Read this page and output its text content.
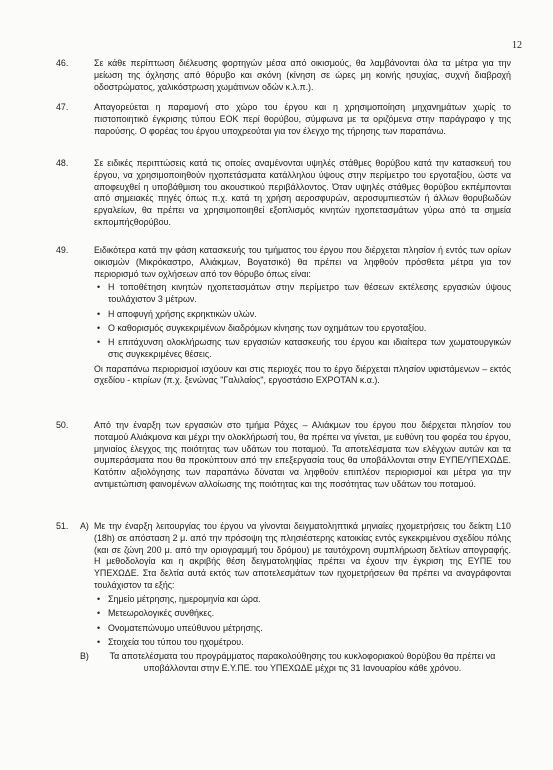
12
46.	Σε κάθε περίπτωση διέλευσης φορτηγών μέσα από οικισμούς, θα λαμβάνονται όλα τα μέτρα για την μείωση της όχλησης από θόρυβο και σκόνη (κίνηση σε ώρες μη κοινής ησυχίας, συχνή διαβροχή οδοστρώματος, χαλικόστρωση χωμάτινων οδών κ.λ.π.).

47.	Απαγορεύεται η παραμονή στο χώρο του έργου και η χρησιμοποίηση μηχανημάτων χωρίς το πιστοποιητικό έγκρισης τύπου ΕΟΚ περί θορύβου, σύμφωνα με τα οριζόμενα στην παράγραφο γ της παρούσης. Ο φορέας του έργου υποχρεούται για τον έλεγχο της τήρησης των παραπάνω.

48.	Σε ειδικές περιπτώσεις κατά τις οποίες αναμένονται υψηλές στάθμες θορύβου κατά την κατασκευή του έργου, να χρησιμοποιηθούν ηχοπετάσματα κατάλληλου ύψους στην περίμετρο του εργοταξίου, ώστε να αποφευχθεί η υποβάθμιση του ακουστικού περιβάλλοντος. Όταν υψηλές στάθμες θορύβου εκπέμπονται από σημειακές πηγές όπως π.χ. κατά τη χρήση αεροσφυρών, αεροσυμπιεστών ή άλλων θορυβωδών εργαλείων, θα πρέπει να χρησιμοποιηθεί εξοπλισμός κινητών ηχοπετασμάτων γύρω από τα σημεία εκπομπήςθορύβου.

49.	Ειδικότερα κατά την φάση κατασκευής του τμήματος του έργου που διέρχεται πλησίον ή εντός των ορίων οικισμών (Μικρόκαστρο, Αλιάκμων, Βογατσικό) θα πρέπει να ληφθούν πρόσθετα μέτρα για τον περιορισμό των οχλήσεων από τον θόρυβο όπως είναι:

• Η τοποθέτηση κινητών ηχοπετασμάτων στην περίμετρο των θέσεων εκτέλεσης εργασιών ύψους τουλάχιστον 3 μέτρων.
• Η αποφυγή χρήσης εκρηκτικών υλών.
• Ο καθορισμός συγκεκριμένων διαδρόμων κίνησης των οχημάτων του εργοταξίου.
• Η επιτάχυνση ολοκλήρωσης των εργασιών κατασκευής του έργου και ιδιαίτερα των χωματουργικών στις συγκεκριμένες θέσεις.

Οι παραπάνω περιορισμοί ισχύουν και στις περιοχές που το έργο διέρχεται πλησίον υφιστάμενων – εκτός σχεδίου - κτιρίων (π.χ. ξενώνας "Γαλιλαίος", εργοστάσιο ΕΧΡΟΤΑΝ κ.α.).

50.	Από την έναρξη των εργασιών στο τμήμα Ράχες – Αλιάκμων του έργου που διέρχεται πλησίον του ποταμού Αλιάκμονα και μέχρι την ολοκλήρωσή του, θα πρέπει να γίνεται, με ευθύνη του φορέα του έργου, μηνιαίος έλεγχος της ποιότητας των υδάτων του ποταμού. Τα αποτελέσματα των ελέγχων αυτών και τα συμπεράσματα που θα προκύπτουν από την επεξεργασία τους θα υποβάλλονται στην ΕΥΠΕ/ΥΠΕΧΩΔΕ. Κατόπιν αξιολόγησης των παραπάνω δύναται να ληφθούν επιπλέον περιορισμοί και μέτρα για την αντιμετώπιση φαινομένων αλλοίωσης της ποιότητας και της ποσότητας των υδάτων του ποταμού.

51. Α) Με την έναρξη λειτουργίας του έργου να γίνονται δειγματοληπτικά μηνιαίες ηχομετρήσεις του δείκτη L10 (18h) σε απόσταση 2 μ. από την πρόσοψη της πλησιέστερης κατοικίας εντός εγκεκριμένου σχεδίου πόλης (και σε ζώνη 200 μ. από την οριογραμμή του δρόμου) με ταυτόχρονη συμπλήρωση δελτίων απογραφής. Η μεθοδολογία και η ακριβής θέση δειγματοληψίας πρέπει να έχουν την έγκριση της ΕΥΠΕ του ΥΠΕΧΩΔΕ. Στα δελτία αυτά εκτός των αποτελεσμάτων των ηχομετρήσεων θα πρέπει να αναγράφονται τουλάχιστον τα εξής:

• Σημείο μέτρησης, ημερομηνία και ώρα.
• Μετεωρολογικές συνθήκες.
• Ονοματεπώνυμο υπεύθυνου μέτρησης.
• Στοιχεία του τύπου του ηχομέτρου.
Β)	Τα αποτελέσματα του προγράμματος παρακολούθησης του κυκλοφοριακού θορύβου θα πρέπει να υποβάλλονται στην Ε.Υ.ΠΕ. του ΥΠΕΧΩΔΕ μέχρι τις 31 Ιανουαρίου κάθε χρόνου.
